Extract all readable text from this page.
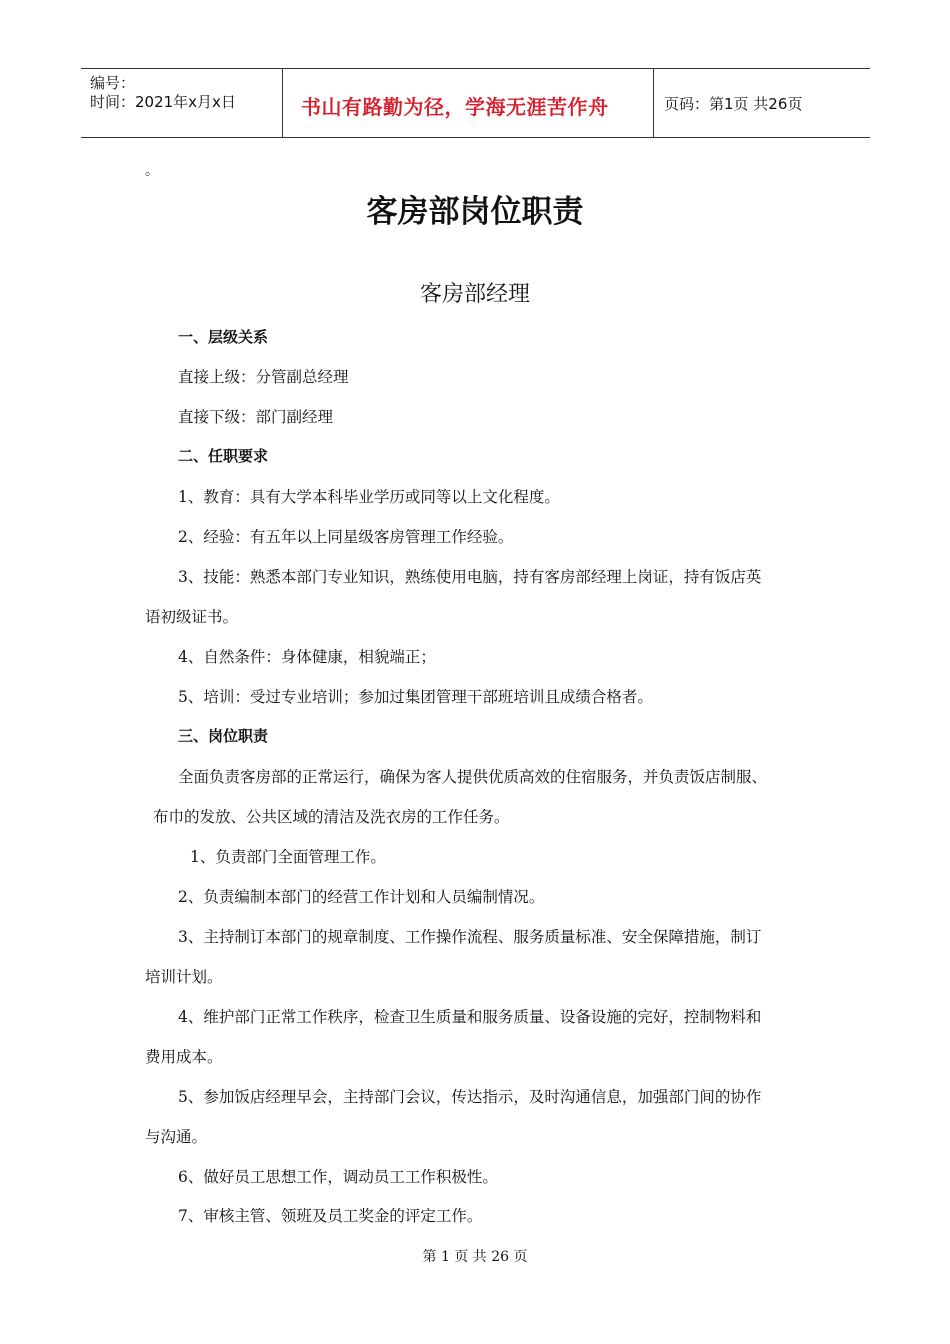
编号：
时间：2021年x月x日	书山有路勤为径，学海无涯苦作舟	页码：第1页 共26页
。
客房部岗位职责
客房部经理
一、层级关系
直接上级：分管副总经理
直接下级：部门副经理
二、任职要求
1、教育：具有大学本科毕业学历或同等以上文化程度。
2、经验：有五年以上同星级客房管理工作经验。
3、技能：熟悉本部门专业知识，熟练使用电脑，持有客房部经理上岗证，持有饭店英
语初级证书。
4、自然条件：身体健康，相貌端正；
5、培训：受过专业培训；参加过集团管理干部班培训且成绩合格者。
三、岗位职责
全面负责客房部的正常运行，确保为客人提供优质高效的住宿服务，并负责饭店制服、
布巾的发放、公共区域的清洁及洗衣房的工作任务。
1、负责部门全面管理工作。
2、负责编制本部门的经营工作计划和人员编制情况。
3、主持制订本部门的规章制度、工作操作流程、服务质量标准、安全保障措施，制订
培训计划。
4、维护部门正常工作秩序，检查卫生质量和服务质量、设备设施的完好，控制物料和
费用成本。
5、参加饭店经理早会，主持部门会议，传达指示，及时沟通信息，加强部门间的协作
与沟通。
6、做好员工思想工作，调动员工工作积极性。
7、审核主管、领班及员工奖金的评定工作。
第 1 页 共 26 页
